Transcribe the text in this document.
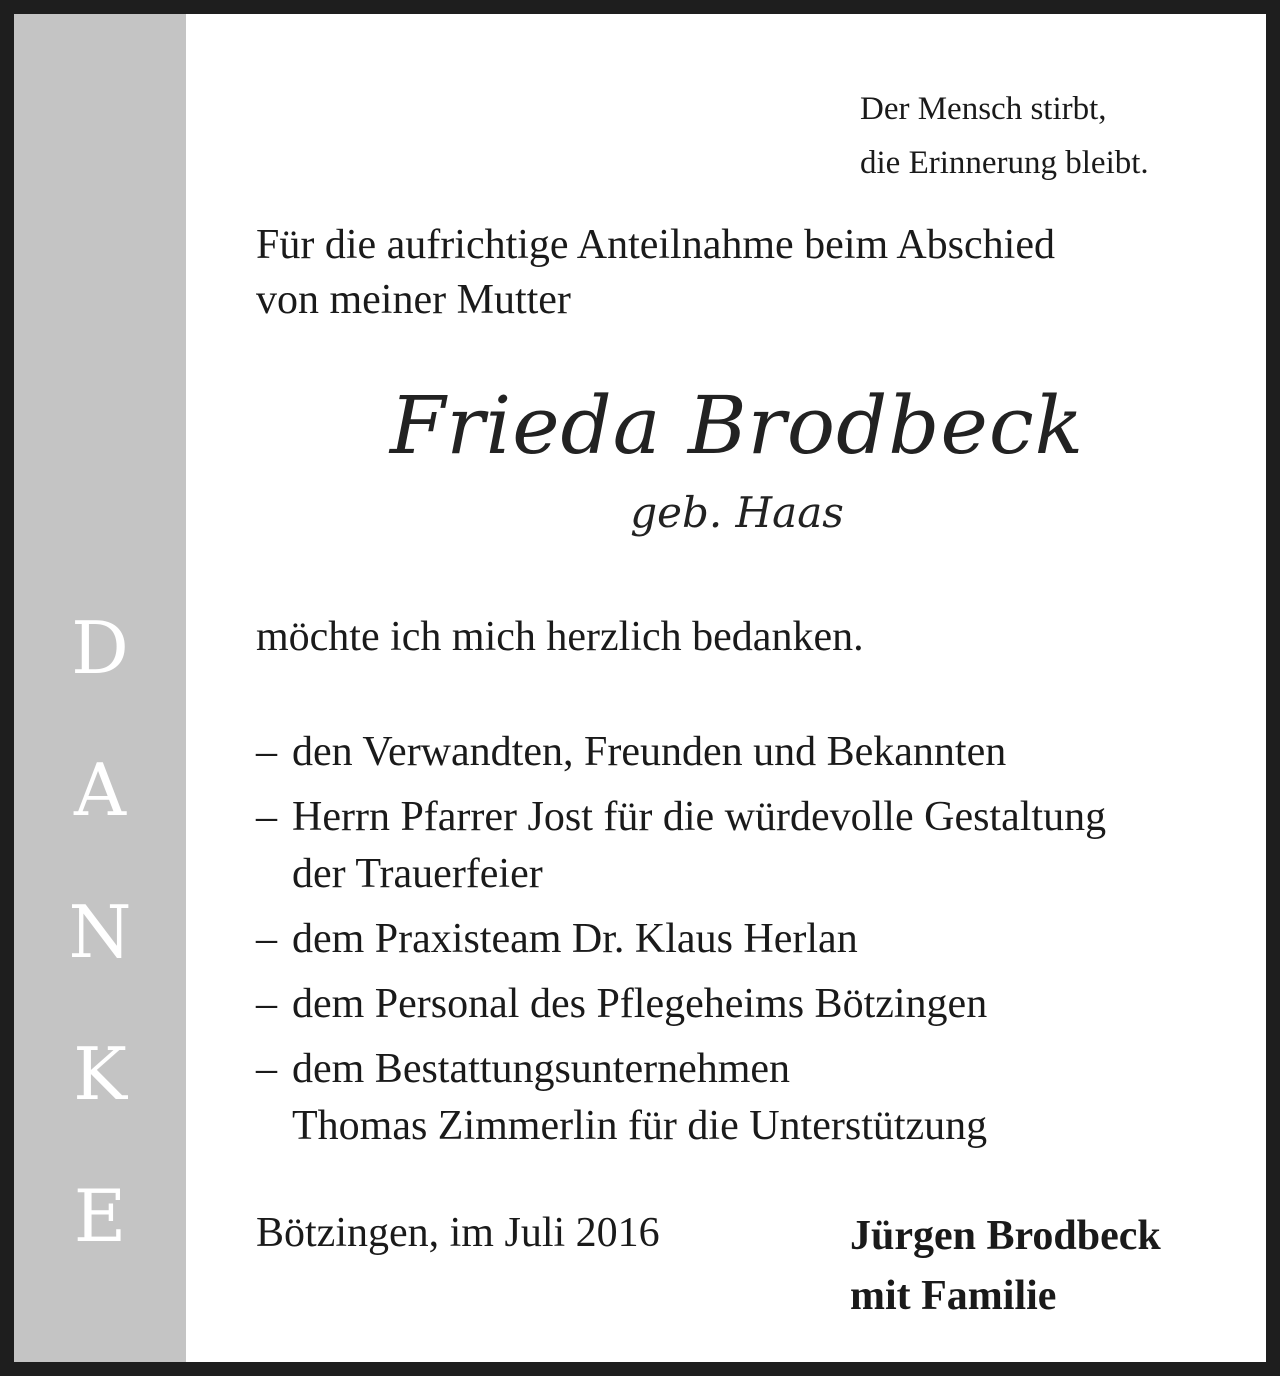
D
A
N
K
E
Der Mensch stirbt,
die Erinnerung bleibt.
Für die aufrichtige Anteilnahme beim Abschied
von meiner Mutter
Frieda Brodbeck
geb. Haas
möchte ich mich herzlich bedanken.
– den Verwandten, Freunden und Bekannten
– Herrn Pfarrer Jost für die würdevolle Gestaltung
der Trauerfeier
– dem Praxisteam Dr. Klaus Herlan
– dem Personal des Pflegeheims Bötzingen
– dem Bestattungsunternehmen
Thomas Zimmerlin für die Unterstützung
Bötzingen, im Juli 2016	Jürgen Brodbeck
mit Familie
